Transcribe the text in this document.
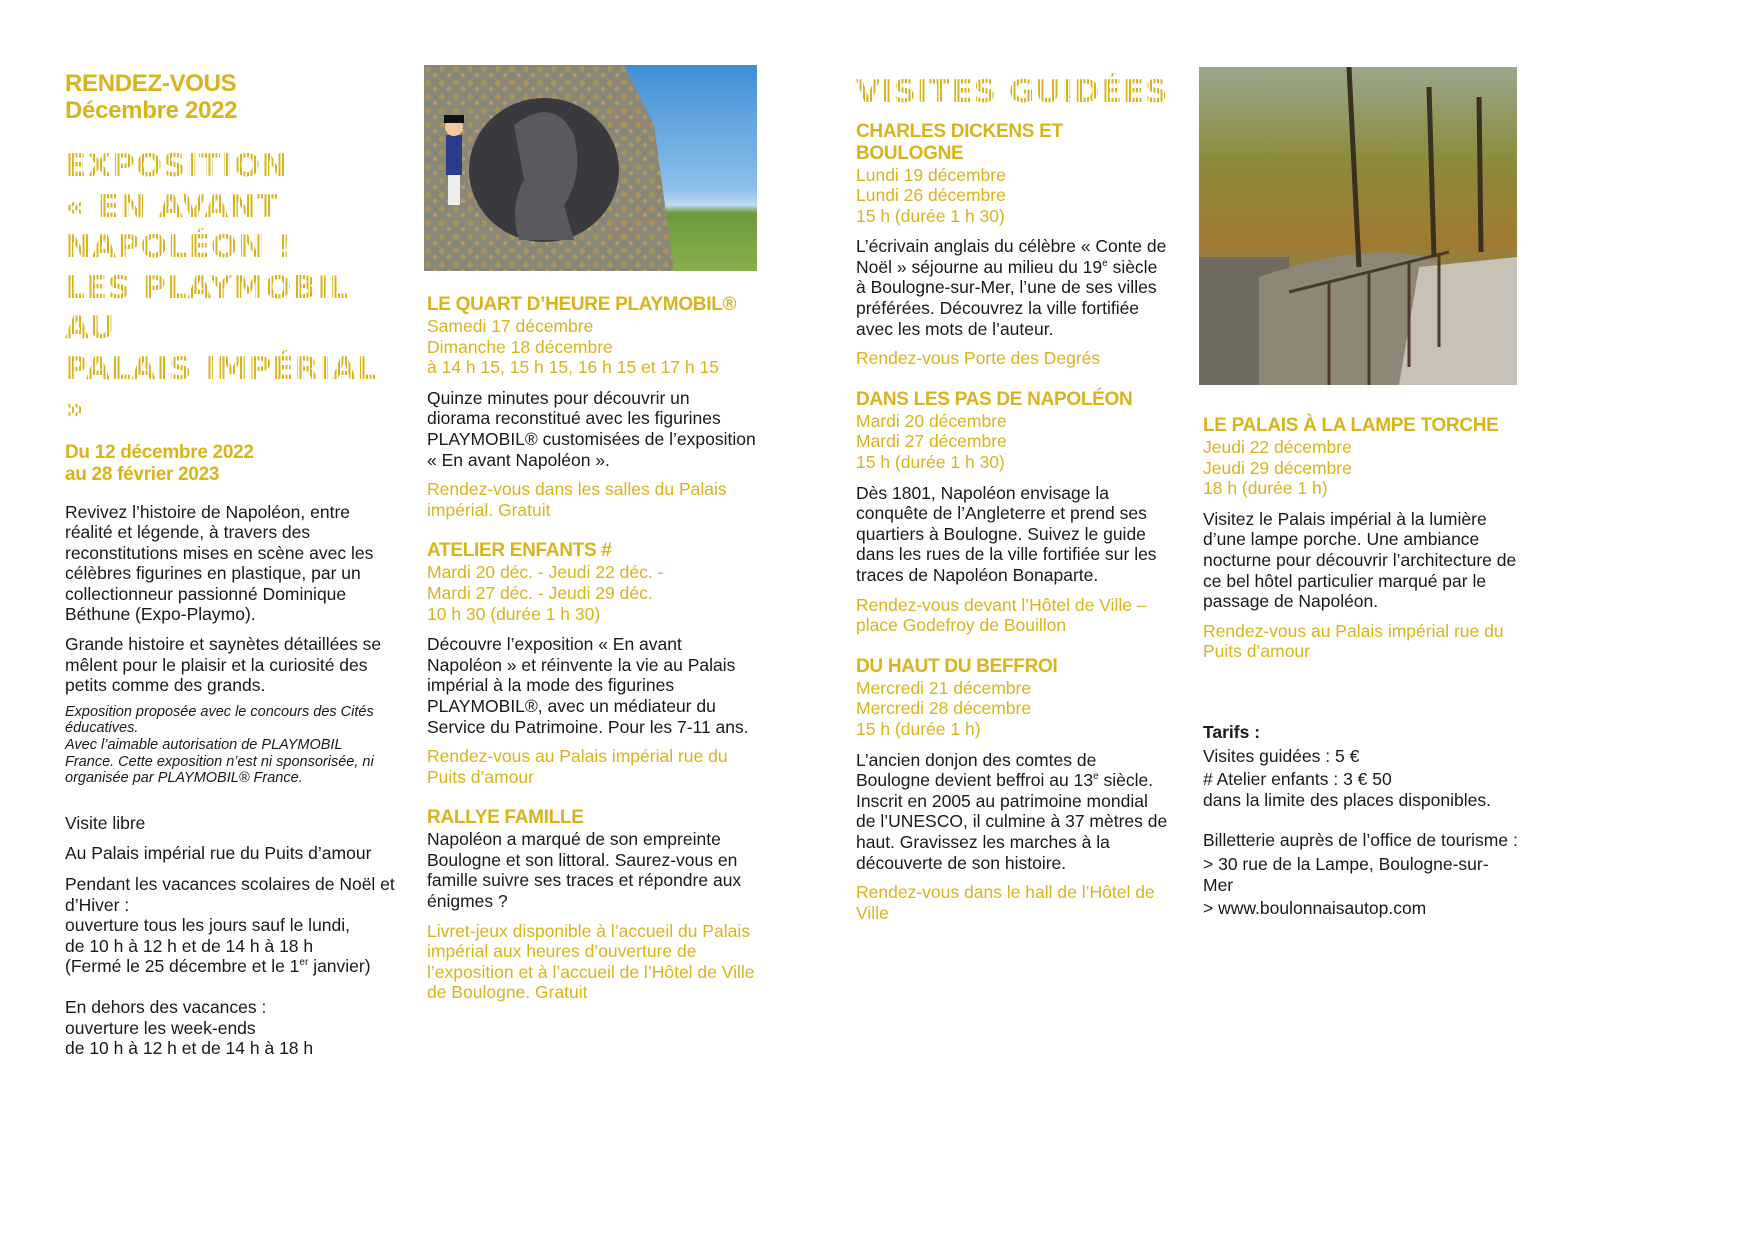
RENDEZ-VOUS

Décembre 2022

EXPOSITION
« EN AVANT
NAPOLÉON !
LES PLAYMOBIL AU
PALAIS IMPÉRIAL »

Du 12 décembre 2022

au 28 février 2023

Revivez l’histoire de Napoléon, entre réalité et légende, à travers des reconstitutions mises en scène avec les célèbres figurines en plastique, par un collectionneur passionné Dominique Béthune (Expo-Playmo).

Grande histoire et saynètes détaillées se mêlent pour le plaisir et la curiosité des petits comme des grands.

Exposition proposée avec le concours des Cités éducatives.

Avec l’aimable autorisation de PLAYMOBIL France. Cette exposition n’est ni sponsorisée, ni organisée par PLAYMOBIL® France.

Visite libre

Au Palais impérial rue du Puits d’amour

Pendant les vacances scolaires de Noël et d’Hiver :

ouverture tous les jours sauf le lundi,

de 10 h à 12 h et de 14 h à 18 h

(Fermé le 25 décembre et le 1er janvier)

En dehors des vacances :

ouverture les week-ends

de 10 h à 12 h et de 14 h à 18 h

LE QUART D’HEURE PLAYMOBIL®

Samedi 17 décembre

Dimanche 18 décembre

à 14 h 15, 15 h 15, 16 h 15 et 17 h 15

Quinze minutes pour découvrir un diorama reconstitué avec les figurines PLAYMOBIL® customisées de l’exposition « En avant Napoléon ».

Rendez-vous dans les salles du Palais impérial. Gratuit

ATELIER ENFANTS #

Mardi 20 déc. - Jeudi 22 déc. -

Mardi 27 déc. - Jeudi 29 déc.

10 h 30 (durée 1 h 30)

Découvre l’exposition « En avant Napoléon » et réinvente la vie au Palais impérial à la mode des figurines PLAYMOBIL®, avec un médiateur du Service du Patrimoine. Pour les 7-11 ans.

Rendez-vous au Palais impérial rue du Puits d’amour

RALLYE FAMILLE

Napoléon a marqué de son empreinte Boulogne et son littoral. Saurez-vous en famille suivre ses traces et répondre aux énigmes ?

Livret-jeux disponible à l’accueil du Palais impérial aux heures d’ouverture de l’exposition et à l’accueil de l’Hôtel de Ville de Boulogne. Gratuit

VISITES GUIDÉES

CHARLES DICKENS ET BOULOGNE

Lundi 19 décembre

Lundi 26 décembre

15 h (durée 1 h 30)

L’écrivain anglais du célèbre « Conte de Noël » séjourne au milieu du 19e siècle à Boulogne-sur-Mer, l’une de ses villes préférées. Découvrez la ville fortifiée avec les mots de l’auteur.

Rendez-vous Porte des Degrés

DANS LES PAS DE NAPOLÉON

Mardi 20 décembre

Mardi 27 décembre

15 h (durée 1 h 30)

Dès 1801, Napoléon envisage la conquête de l’Angleterre et prend ses quartiers à Boulogne. Suivez le guide dans les rues de la ville fortifiée sur les traces de Napoléon Bonaparte.

Rendez-vous devant l’Hôtel de Ville – place Godefroy de Bouillon

DU HAUT DU BEFFROI

Mercredi 21 décembre

Mercredi 28 décembre

15 h (durée 1 h)

L’ancien donjon des comtes de Boulogne devient beffroi au 13e siècle. Inscrit en 2005 au patrimoine mondial de l’UNESCO, il culmine à 37 mètres de haut. Gravissez les marches à la découverte de son histoire.

Rendez-vous dans le hall de l’Hôtel de Ville

LE PALAIS À LA LAMPE TORCHE

Jeudi 22 décembre

Jeudi 29 décembre

18 h (durée 1 h)

Visitez le Palais impérial à la lumière d’une lampe porche. Une ambiance nocturne pour découvrir l’architecture de ce bel hôtel particulier marqué par le passage de Napoléon.

Rendez-vous au Palais impérial rue du Puits d’amour

Tarifs :

Visites guidées : 5 €

# Atelier enfants : 3 € 50

dans la limite des places disponibles.

Billetterie auprès de l’office de tourisme :

> 30 rue de la Lampe, Boulogne-sur-Mer

> www.boulonnaisautop.com
